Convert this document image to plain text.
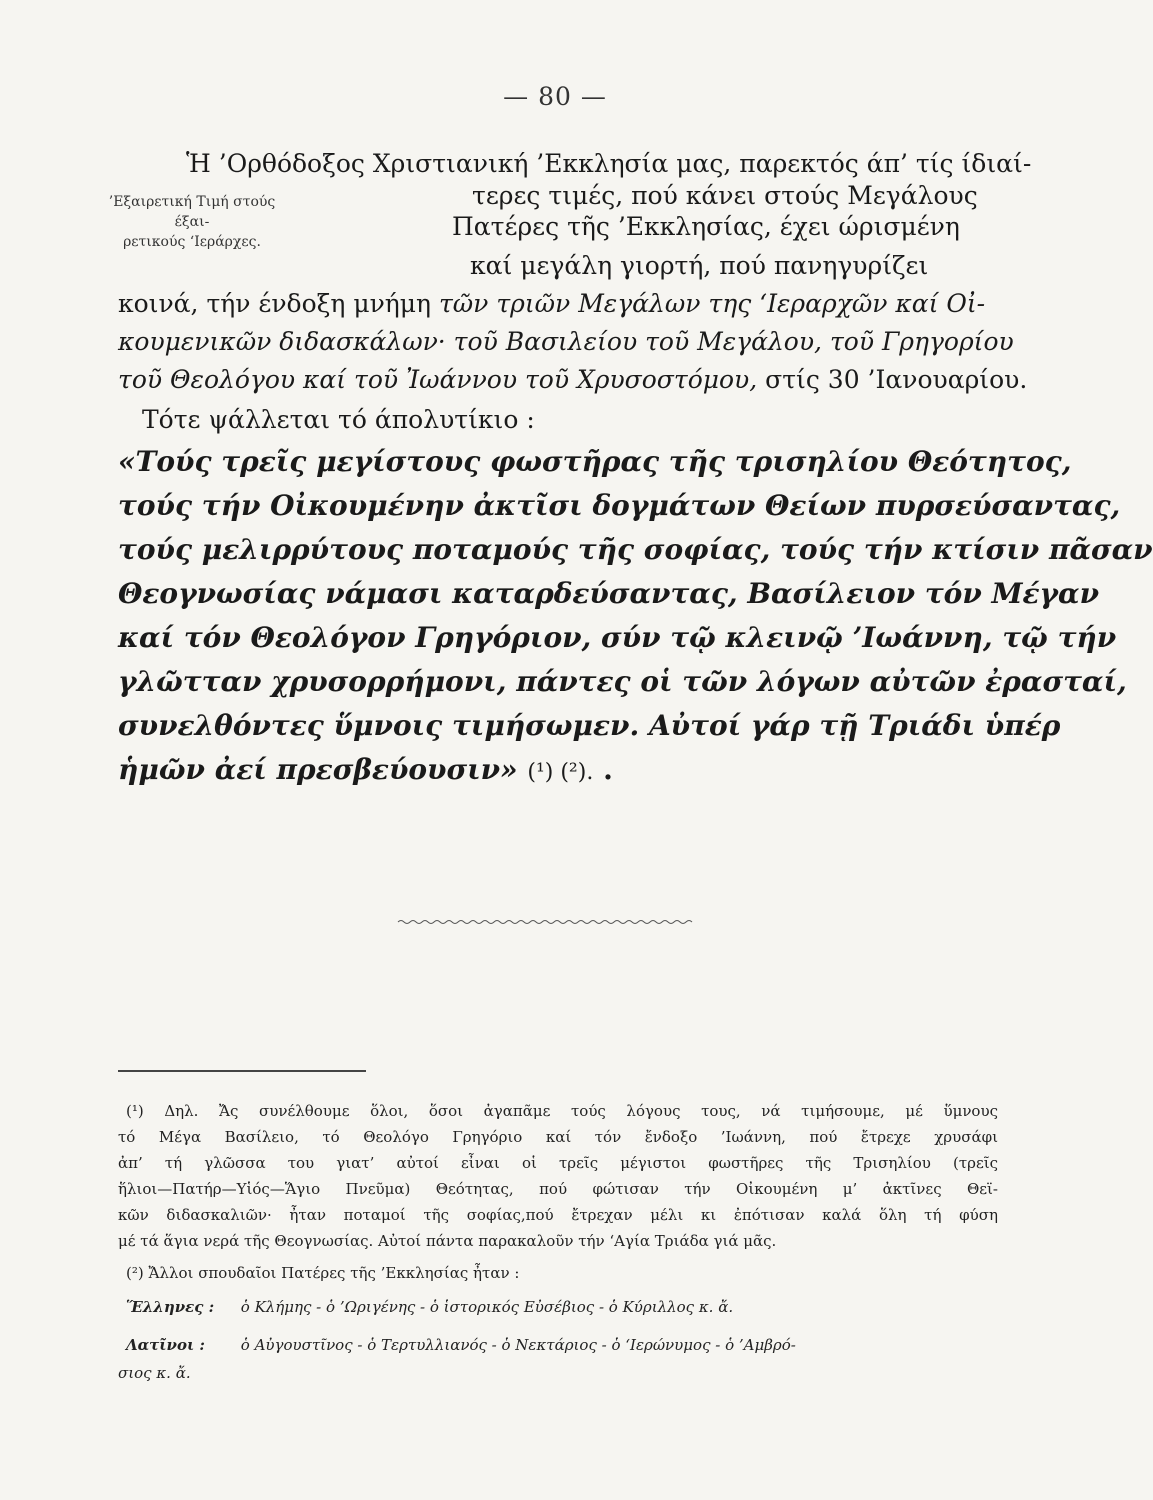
— 80 —
Ἡ ’Ορθόδοξος Χριστιανική ’Εκκλησία μας, παρεκτός άπ’ τίς ίδιαί-
τερες τιμές, πού κάνει στούς Μεγάλους
Πατέρες τῆς ’Εκκλησίας, έχει ώρισμένη
καί μεγάλη γιορτή, πού πανηγυρίζει
’Εξαιρετική Τιμή στούς έξαι-
ρετικούς ‘Ιεράρχες.
κοινά, τήν ένδοξη μνήμη τῶν τριῶν Μεγάλων της ‘Ιεραρχῶν καί Οἰ-
κουμενικῶν διδασκάλων· τοῦ Βασιλείου τοῦ Μεγάλου, τοῦ Γρηγορίου
τοῦ Θεολόγου καί τοῦ Ἰωάννου τοῦ Χρυσοστόμου, στίς 30 ’Ιανουαρίου.
Τότε ψάλλεται τό άπολυτίκιο :
«Τούς τρεῖς μεγίστους φωστῆρας τῆς τρισηλίου Θεότητος,
τούς τήν Οἰκουμένην ἀκτῖσι δογμάτων Θείων πυρσεύσαντας,
τούς μελιρρύτους ποταμούς τῆς σοφίας, τούς τήν κτίσιν πᾶσαν
Θεογνωσίας νάμασι καταρδεύσαντας, Βασίλειον τόν Μέγαν
καί τόν Θεολόγον Γρηγόριον, σύν τῷ κλεινῷ ’Ιωάννη, τῷ τήν
γλῶτταν χρυσορρήμονι, πάντες οἱ τῶν λόγων αὐτῶν ἐρασταί,
συνελθόντες ὕμνοις τιμήσωμεν. Αὐτοί γάρ τῇ Τριάδι ὑπέρ
ἡμῶν ἀεί πρεσβεύουσιν» (¹) (²). .
(¹) Δηλ. Ἄς συνέλθουμε ὅλοι, ὅσοι ἀγαπᾶμε τούς λόγους τους, νά τιμήσουμε, μέ ὕμνους
τό Μέγα Βασίλειο, τό Θεολόγο Γρηγόριο καί τόν ἔνδοξο ’Ιωάννη, πού ἔτρεχε χρυσάφι
ἀπ’ τή γλῶσσα του γιατ’ αὐτοί εἶναι οἱ τρεῖς μέγιστοι φωστῆρες τῆς Τρισηλίου (τρεῖς
ἥλιοι—Πατήρ—Υἱός—Ἅγιο Πνεῦμα) Θεότητας, πού φώτισαν τήν Οἰκουμένη μ’ ἀκτῖνες Θεϊ-
κῶν διδασκαλιῶν· ἦταν ποταμοί τῆς σοφίας,πού ἔτρεχαν μέλι κι ἐπότισαν καλά ὅλη τή φύση
μέ τά ἅγια νερά τῆς Θεογνωσίας. Αὐτοί πάντα παρακαλοῦν τήν ‘Αγία Τριάδα γιά μᾶς.
(²) Ἄλλοι σπουδαῖοι Πατέρες τῆς ’Εκκλησίας ἦταν :
Ἕλληνες : ὁ Κλήμης - ὁ ’Ωριγένης - ὁ ἱστορικός Εὐσέβιος - ὁ Κύριλλος κ. ἄ.
Λατῖνοι : ὁ Αὐγουστῖνος - ὁ Τερτυλλιανός - ὁ Νεκτάριος - ὁ ‘Ιερώνυμος - ὁ ’Αμβρό-
σιος κ. ἄ.
